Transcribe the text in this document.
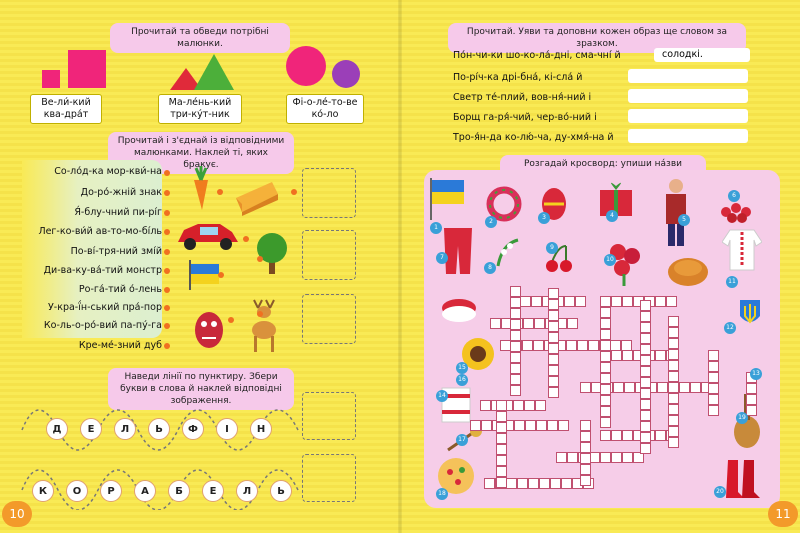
Прочитай та обведи потрібні малюнки.
Ве-ли́-кий ква-дра́т
Ма-ле́нь-кий три-ку́т-ник
Фі-о-ле́-то-ве ко́-ло
Прочитай і з'єднай із відповідними малюнками. Наклей ті, яких бракує.
Со-ло́д-ка мор-кви́-на
До-ро́-жній знак
Я́-блу-чний пи-рі́г
Лег-ко-ви́й ав-то-мо-бі́ль
По-ві́-тря-ний змі́й
Ди-ва-ку-ва́-тий монстр
Ро-га́-тий о́-лень
У-кра-ї́н-ський пра́-пор
Ко-ль-о-ро́-вий па-пу́-га
Кре-ме́-зний дуб
Наведи лінії по пунктиру. Збери букви в слова й наклей відповідні зображення.
Д	Е	Л	Ь	Ф	І	Н
К	О	Р	А	Б	Е	Л	Ь
10
Прочитай. Уяви та доповни кожен образ ще словом за зразком.
По́н-чи-ки шо-ко-ла́-дні, сма-чні́ й
По-рі́ч-ка дрі-бна́, кі-сла́ й
Светр те́-плий, вов-ня́-ний і
Борщ га-ря́-чий, чер-во́-ний і
Тро-я́н-да ко-лю́-ча, ду-хмя́-на й
солодкі.
Розгадай кросворд: упиши на́зви
6
2
3	4
5
1
7
8
9
10
11
12
13
14
15
16
17
18
19
20
11
